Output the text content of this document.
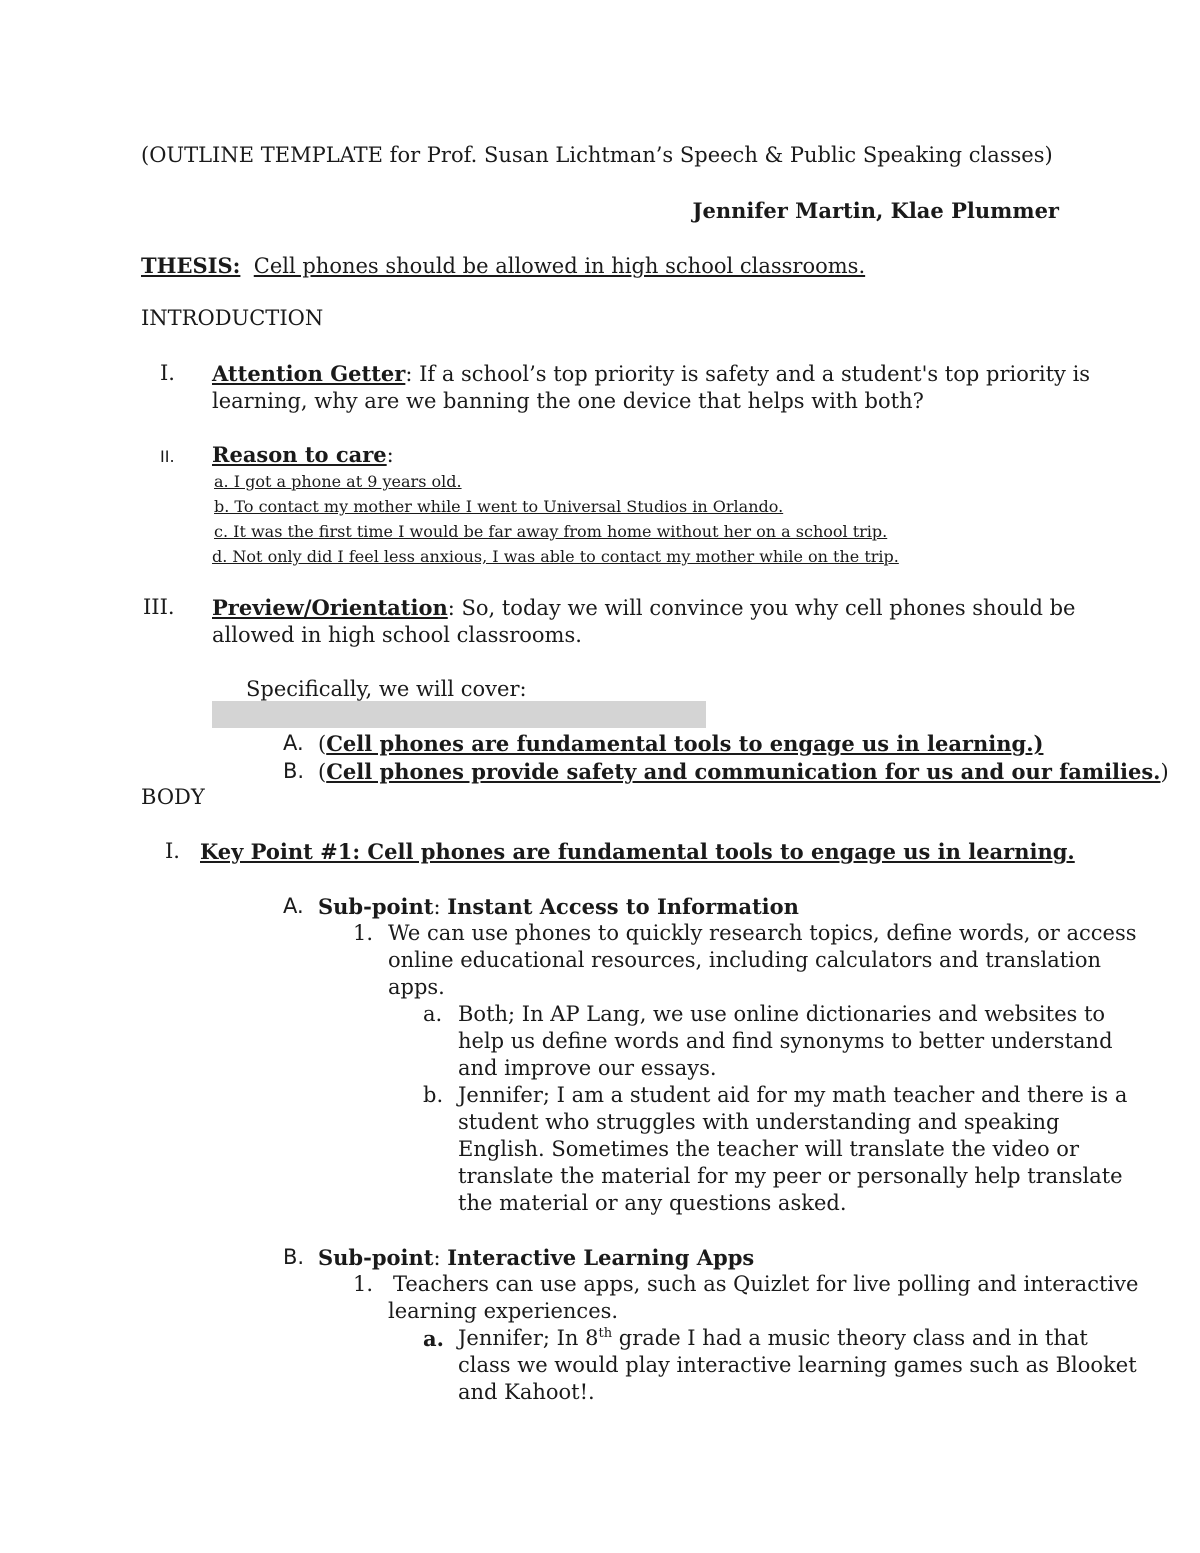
(OUTLINE TEMPLATE for Prof. Susan Lichtman’s Speech & Public Speaking classes)

Jennifer Martin, Klae Plummer

THESIS: Cell phones should be allowed in high school classrooms.

INTRODUCTION

I. Attention Getter: If a school’s top priority is safety and a student's top priority is

learning, why are we banning the one device that helps with both?

II. Reason to care:

a. I got a phone at 9 years old.

b. To contact my mother while I went to Universal Studios in Orlando.

c. It was the first time I would be far away from home without her on a school trip.

d. Not only did I feel less anxious, I was able to contact my mother while on the trip.

III. Preview/Orientation: So, today we will convince you why cell phones should be

allowed in high school classrooms.

Specifically, we will cover:

A. (Cell phones are fundamental tools to engage us in learning.)

B. (Cell phones provide safety and communication for us and our families.)

BODY

I. Key Point #1: Cell phones are fundamental tools to engage us in learning.

A. Sub-point: Instant Access to Information

1. We can use phones to quickly research topics, define words, or access

online educational resources, including calculators and translation

apps.

a. Both; In AP Lang, we use online dictionaries and websites to

help us define words and find synonyms to better understand

and improve our essays.

b. Jennifer; I am a student aid for my math teacher and there is a

student who struggles with understanding and speaking

English. Sometimes the teacher will translate the video or

translate the material for my peer or personally help translate

the material or any questions asked.

B. Sub-point: Interactive Learning Apps

1. Teachers can use apps, such as Quizlet for live polling and interactive

learning experiences.

a. Jennifer; In 8th grade I had a music theory class and in that

class we would play interactive learning games such as Blooket

and Kahoot!.
